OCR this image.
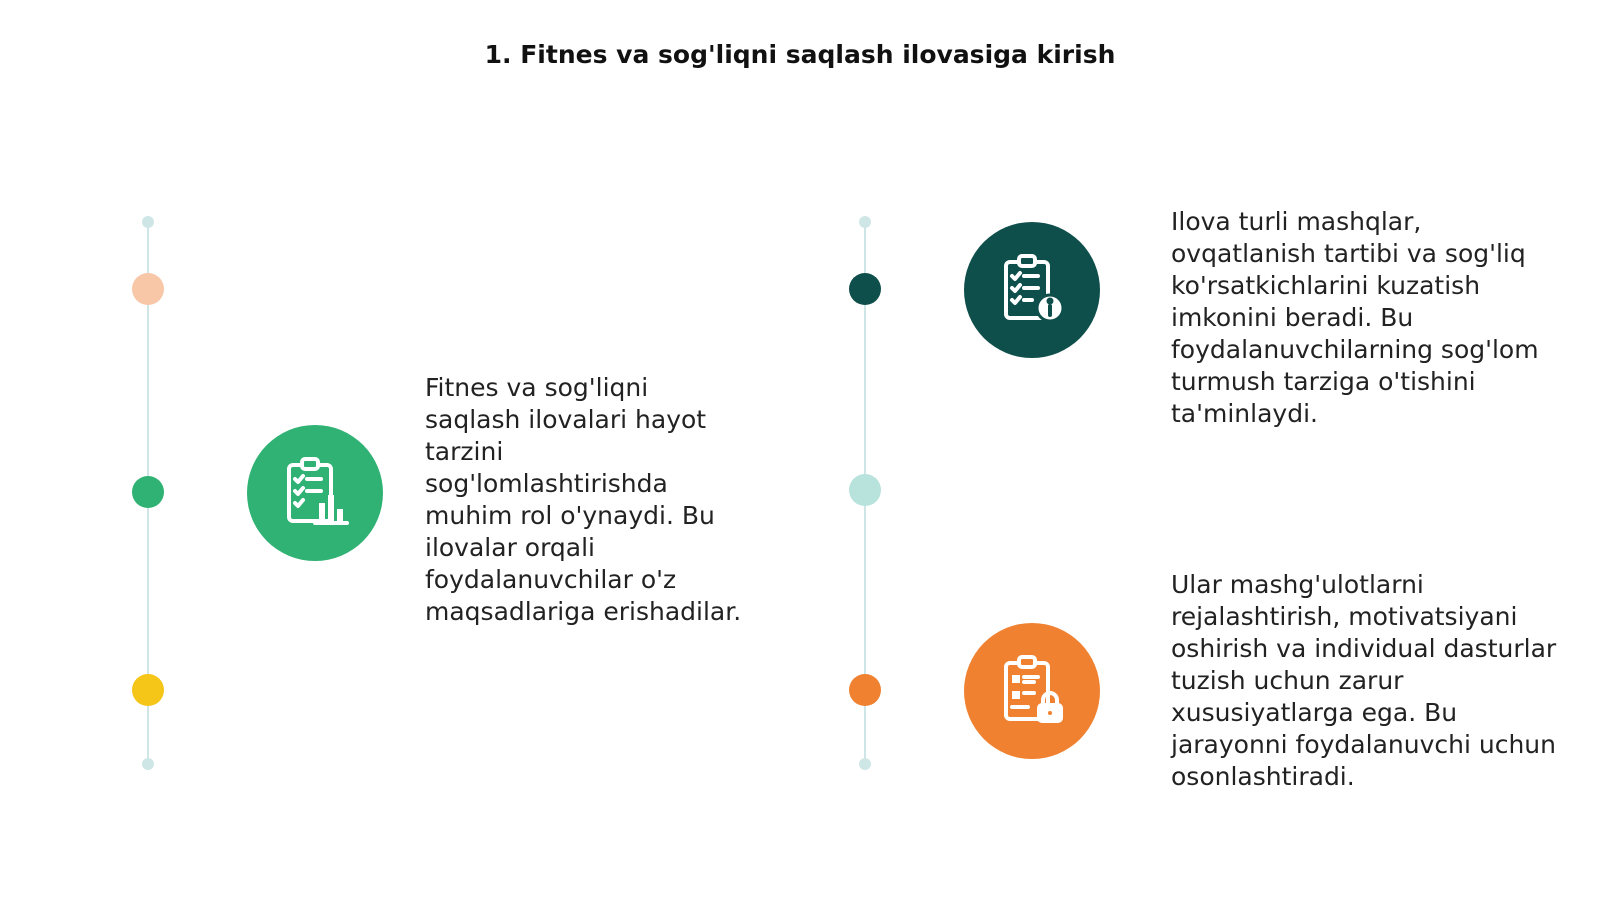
1. Fitnes va sog'liqni saqlash ilovasiga kirish

Fitnes va sog'liqni saqlash ilovalari hayot tarzini sog'lomlashtirishda muhim rol o'ynaydi. Bu ilovalar orqali foydalanuvchilar o'z maqsadlariga erishadilar.

Ilova turli mashqlar, ovqatlanish tartibi va sog'liq ko'rsatkichlarini kuzatish imkonini beradi. Bu foydalanuvchilarning sog'lom turmush tarziga o'tishini ta'minlaydi.

Ular mashg'ulotlarni rejalashtirish, motivatsiyani oshirish va individual dasturlar tuzish uchun zarur xususiyatlarga ega. Bu jarayonni foydalanuvchi uchun osonlashtiradi.
